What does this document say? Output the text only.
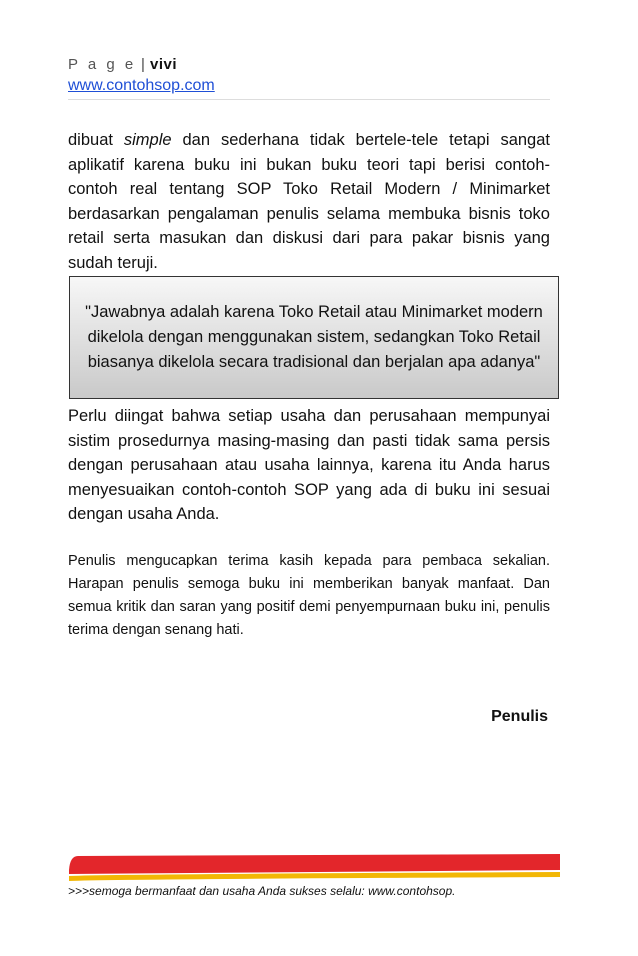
P a g e | vivi
www.contohsop.com

dibuat simple dan sederhana tidak bertele-tele tetapi sangat aplikatif karena buku ini bukan buku teori tapi berisi contoh-contoh real tentang SOP Toko Retail Modern / Minimarket berdasarkan pengalaman penulis selama membuka bisnis toko retail serta masukan dan diskusi dari para pakar bisnis yang sudah teruji.

"Jawabnya adalah karena Toko Retail atau Minimarket modern dikelola dengan menggunakan sistem, sedangkan Toko Retail biasanya dikelola secara tradisional dan berjalan apa adanya"

Perlu diingat bahwa setiap usaha dan perusahaan mempunyai sistim prosedurnya masing-masing dan pasti tidak sama persis dengan perusahaan atau usaha lainnya, karena itu Anda harus menyesuaikan contoh-contoh SOP yang ada di buku ini sesuai dengan usaha Anda.

Penulis mengucapkan terima kasih kepada para pembaca sekalian. Harapan penulis semoga buku ini memberikan banyak manfaat. Dan semua kritik dan saran yang positif demi penyempurnaan buku ini, penulis terima dengan senang hati.

Penulis
>>>semoga bermanfaat dan usaha Anda sukses selalu: www.contohsop.
